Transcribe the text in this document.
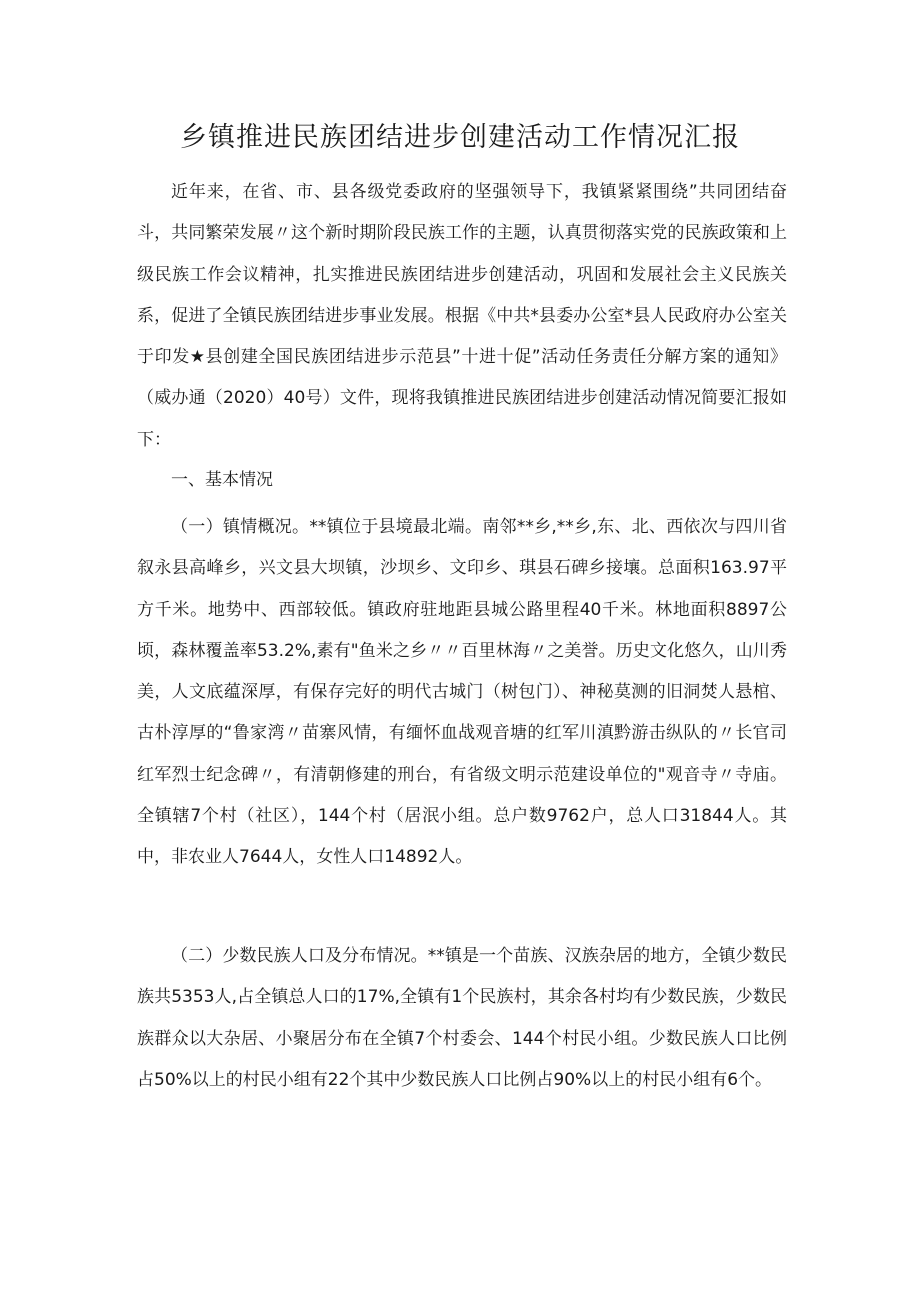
乡镇推进民族团结进步创建活动工作情况汇报

近年来，在省、市、县各级党委政府的坚强领导下，我镇紧紧围绕”共同团结奋斗，共同繁荣发展〃这个新时期阶段民族工作的主题，认真贯彻落实党的民族政策和上级民族工作会议精神，扎实推进民族团结进步创建活动，巩固和发展社会主义民族关系，促进了全镇民族团结进步事业发展。根据《中共*县委办公室*县人民政府办公室关于印发★县创建全国民族团结进步示范县”十进十促”活动任务责任分解方案的通知》（威办通（2020）40号）文件，现将我镇推进民族团结进步创建活动情况简要汇报如下：

一、基本情况

（一）镇情概况。**镇位于县境最北端。南邻**乡,**乡,东、北、西依次与四川省叙永县高峰乡，兴文县大坝镇，沙坝乡、文印乡、琪县石碑乡接壤。总面积163.97平方千米。地势中、西部较低。镇政府驻地距县城公路里程40千米。林地面积8897公顷，森林覆盖率53.2%,素有"鱼米之乡〃〃百里林海〃之美誉。历史文化悠久，山川秀美，人文底蕴深厚，有保存完好的明代古城门（树包门）、神秘莫测的旧洞焚人悬棺、古朴淳厚的“鲁家湾〃苗寨风情，有缅怀血战观音塘的红军川滇黔游击纵队的〃长官司红军烈士纪念碑〃，有清朝修建的刑台，有省级文明示范建设单位的"观音寺〃寺庙。全镇辖7个村（社区），144个村（居泯小组。总户数9762户，总人口31844人。其中，非农业人7644人，女性人口14892人。

（二）少数民族人口及分布情况。**镇是一个苗族、汉族杂居的地方，全镇少数民族共5353人,占全镇总人口的17%,全镇有1个民族村，其余各村均有少数民族，少数民族群众以大杂居、小聚居分布在全镇7个村委会、144个村民小组。少数民族人口比例占50%以上的村民小组有22个其中少数民族人口比例占90%以上的村民小组有6个。
